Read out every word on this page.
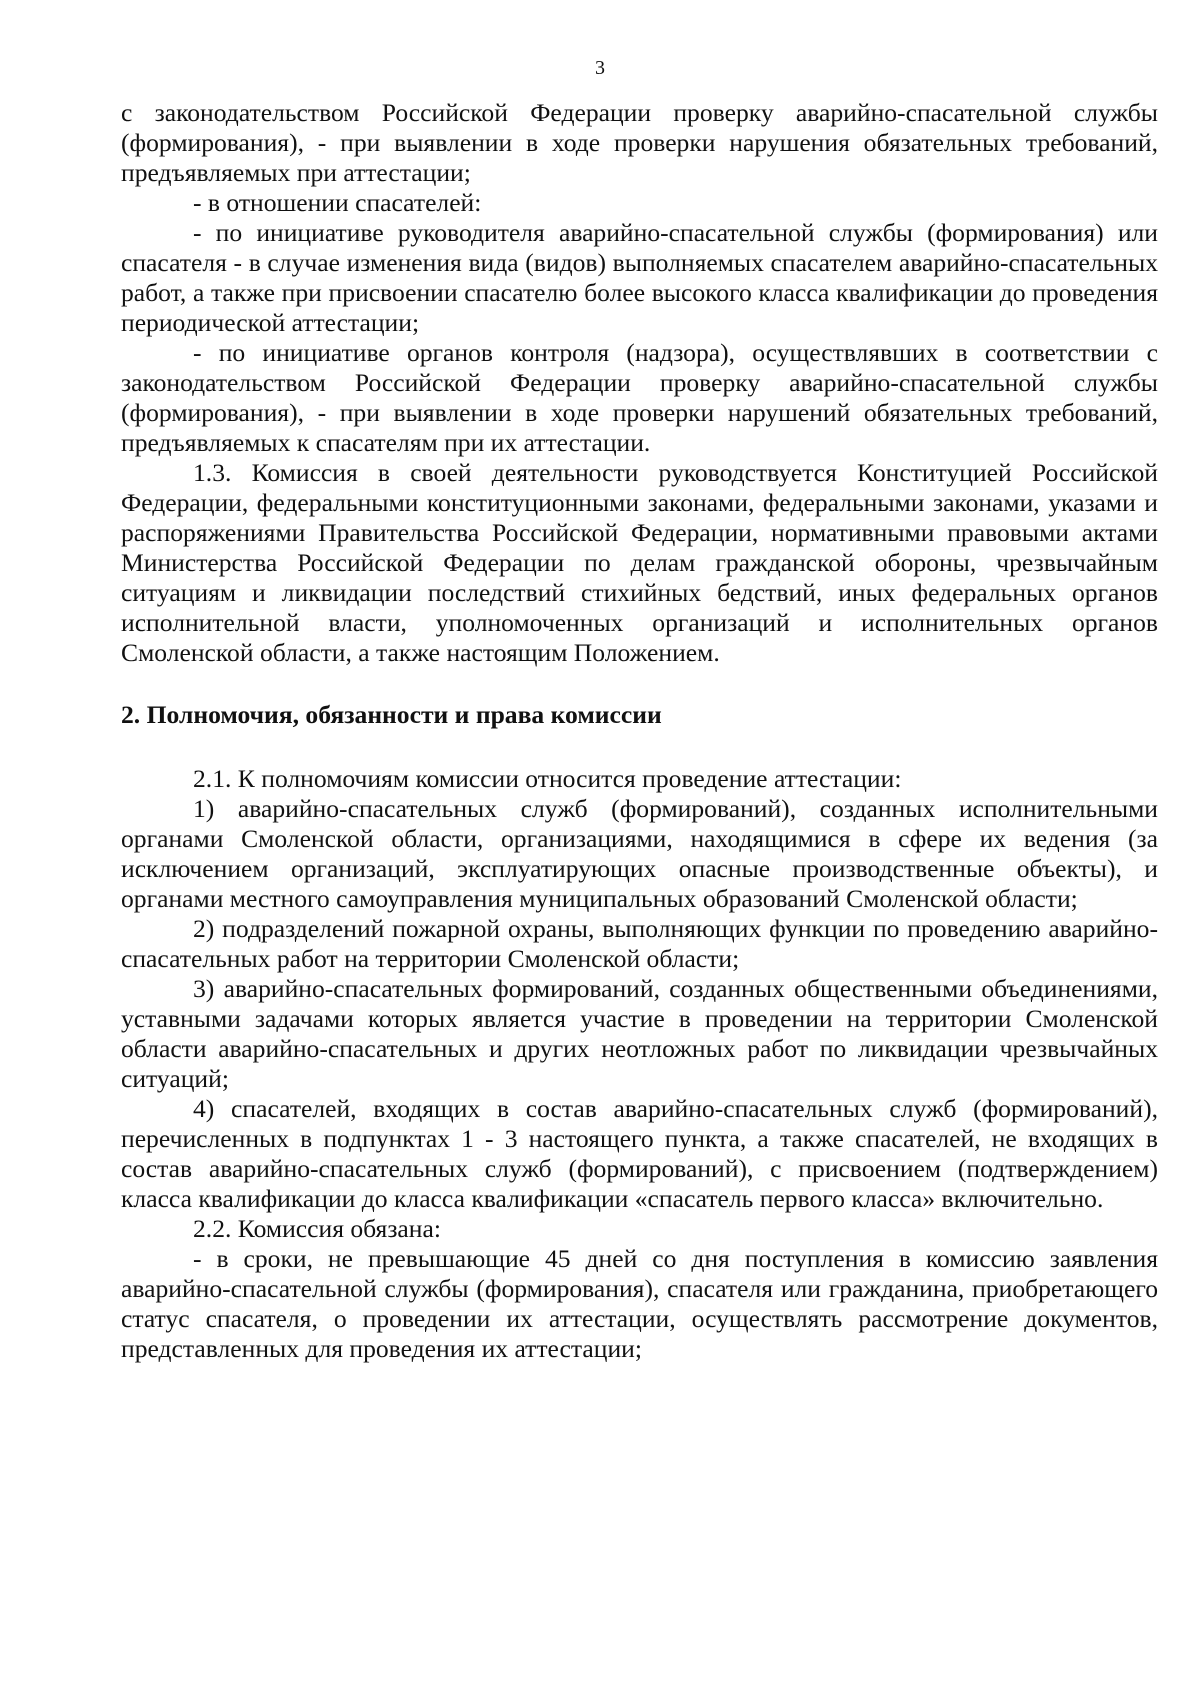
3

с законодательством Российской Федерации проверку аварийно-спасательной службы (формирования), - при выявлении в ходе проверки нарушения обязательных требований, предъявляемых при аттестации;

- в отношении спасателей:

- по инициативе руководителя аварийно-спасательной службы (формирования) или спасателя - в случае изменения вида (видов) выполняемых спасателем аварийно-спасательных работ, а также при присвоении спасателю более высокого класса квалификации до проведения периодической аттестации;

- по инициативе органов контроля (надзора), осуществлявших в соответствии с законодательством Российской Федерации проверку аварийно-спасательной службы (формирования), - при выявлении в ходе проверки нарушений обязательных требований, предъявляемых к спасателям при их аттестации.

1.3. Комиссия в своей деятельности руководствуется Конституцией Российской Федерации, федеральными конституционными законами, федеральными законами, указами и распоряжениями Правительства Российской Федерации, нормативными правовыми актами Министерства Российской Федерации по делам гражданской обороны, чрезвычайным ситуациям и ликвидации последствий стихийных бедствий, иных федеральных органов исполнительной власти, уполномоченных организаций и исполнительных органов Смоленской области, а также настоящим Положением.

2. Полномочия, обязанности и права комиссии

2.1. К полномочиям комиссии относится проведение аттестации:

1) аварийно-спасательных служб (формирований), созданных исполнительными органами Смоленской области, организациями, находящимися в сфере их ведения (за исключением организаций, эксплуатирующих опасные производственные объекты), и органами местного самоуправления муниципальных образований Смоленской области;

2) подразделений пожарной охраны, выполняющих функции по проведению аварийно-спасательных работ на территории Смоленской области;

3) аварийно-спасательных формирований, созданных общественными объединениями, уставными задачами которых является участие в проведении на территории Смоленской области аварийно-спасательных и других неотложных работ по ликвидации чрезвычайных ситуаций;

4) спасателей, входящих в состав аварийно-спасательных служб (формирований), перечисленных в подпунктах 1 - 3 настоящего пункта, а также спасателей, не входящих в состав аварийно-спасательных служб (формирований), с присвоением (подтверждением) класса квалификации до класса квалификации «спасатель первого класса» включительно.

2.2. Комиссия обязана:

- в сроки, не превышающие 45 дней со дня поступления в комиссию заявления аварийно-спасательной службы (формирования), спасателя или гражданина, приобретающего статус спасателя, о проведении их аттестации, осуществлять рассмотрение документов, представленных для проведения их аттестации;
